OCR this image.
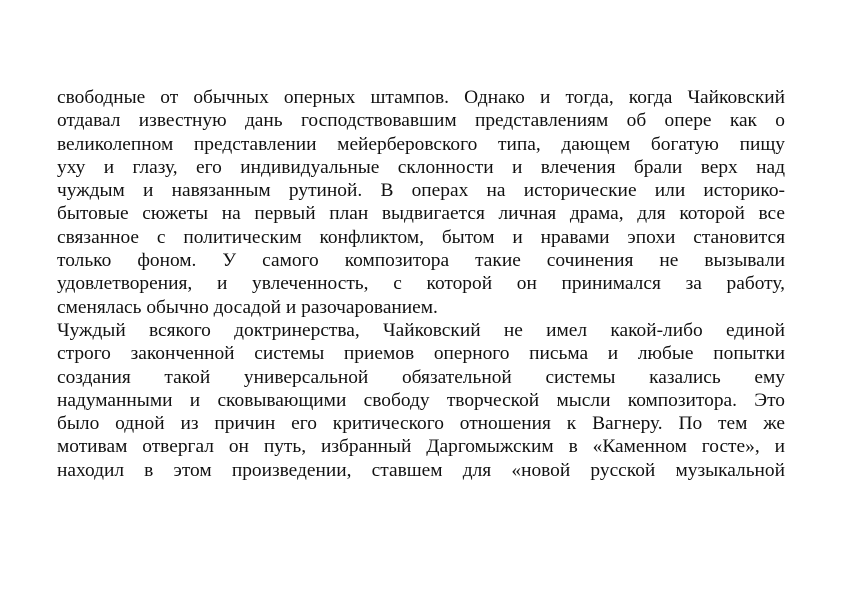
свободные от обычных оперных штампов. Однако и тогда, когда Чайковский
отдавал известную дань господствовавшим представлениям об опере как о
великолепном представлении мейерберовского типа, дающем богатую пищу
уху и глазу, его индивидуальные склонности и влечения брали верх над
чуждым и навязанным рутиной. В операх на исторические или историко-
бытовые сюжеты на первый план выдвигается личная драма, для которой все
связанное с политическим конфликтом, бытом и нравами эпохи становится
только фоном. У самого композитора такие сочинения не вызывали
удовлетворения, и увлеченность, с которой он принимался за работу,
сменялась обычно досадой и разочарованием.
Чуждый всякого доктринерства, Чайковский не имел какой-либо единой
строго законченной системы приемов оперного письма и любые попытки
создания такой универсальной обязательной системы казались ему
надуманными и сковывающими свободу творческой мысли композитора. Это
было одной из причин его критического отношения к Вагнеру. По тем же
мотивам отвергал он путь, избранный Даргомыжским в «Каменном госте», и
находил в этом произведении, ставшем для «новой русской музыкальной
